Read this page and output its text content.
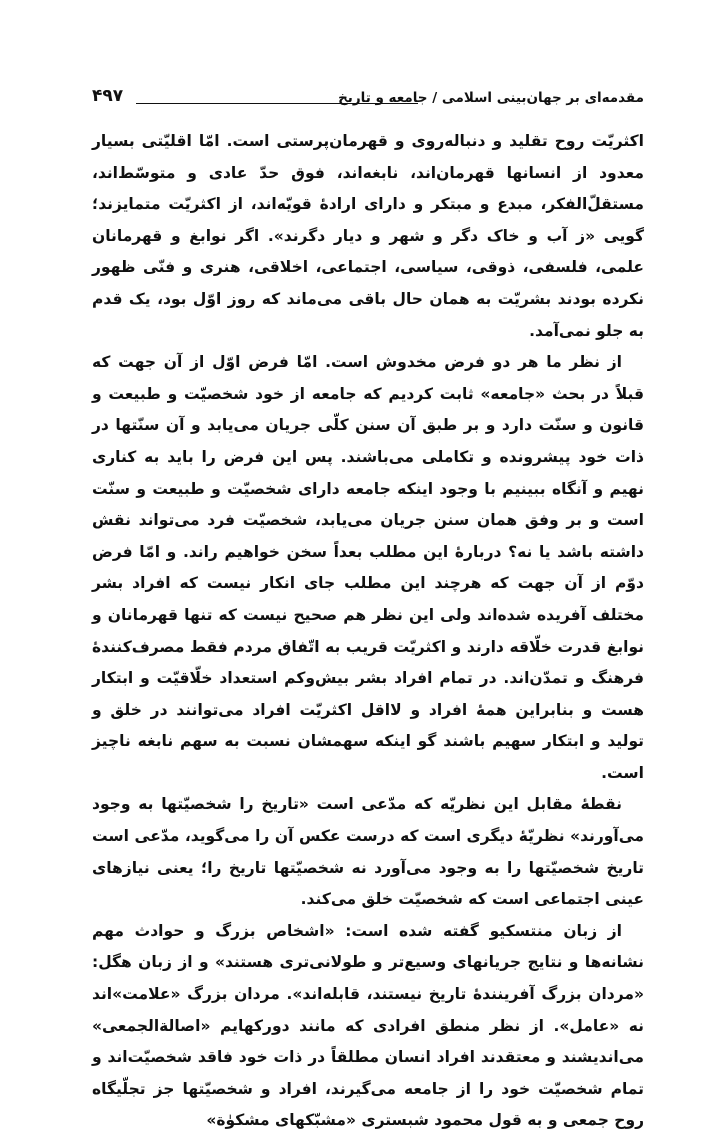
مقدمه‌ای بر جهان‌بینی اسلامی / جامعه و تاریخ
۴۹۷

اکثریّت روح تقلید و دنباله‌روی و قهرمان‌پرستی است. امّا اقلیّتی بسیار معدود از انسانها قهرمان‌اند، نابغه‌اند، فوق حدّ عادی و متوسّط‌اند، مستقلّ‌الفکر، مبدع و مبتکر و دارای ارادهٔ قویّه‌اند، از اکثریّت متمایزند؛ گویی «ز آب و خاک دگر و شهر و دیار دگرند». اگر نوابغ و قهرمانان علمی، فلسفی، ذوقی، سیاسی، اجتماعی، اخلاقی، هنری و فنّی ظهور نکرده بودند بشریّت به همان حال باقی می‌ماند که روز اوّل بود، یک قدم به جلو نمی‌آمد.

از نظر ما هر دو فرض مخدوش است. امّا فرض اوّل از آن جهت که قبلاً در بحث «جامعه» ثابت کردیم که جامعه از خود شخصیّت و طبیعت و قانون و سنّت دارد و بر طبق آن سنن کلّی جریان می‌یابد و آن سنّتها در ذات خود پیشرونده و تکاملی می‌باشند. پس این فرض را باید به کناری نهیم و آنگاه ببینیم با وجود اینکه جامعه دارای شخصیّت و طبیعت و سنّت است و بر وفق همان سنن جریان می‌یابد، شخصیّت فرد می‌تواند نقش داشته باشد یا نه؟ دربارهٔ این مطلب بعداً سخن خواهیم راند. و امّا فرض دوّم از آن جهت که هرچند این مطلب جای انکار نیست که افراد بشر مختلف آفریده شده‌اند ولی این نظر هم صحیح نیست که تنها قهرمانان و نوابغ قدرت خلّاقه دارند و اکثریّت قریب به اتّفاق مردم فقط مصرف‌کنندهٔ فرهنگ و تمدّن‌اند. در تمام افراد بشر بیش‌وکم استعداد خلّاقیّت و ابتکار هست و بنابراین همهٔ افراد و لااقل اکثریّت افراد می‌توانند در خلق و تولید و ابتکار سهیم باشند گو اینکه سهمشان نسبت به سهم نابغه ناچیز است.

نقطهٔ مقابل این نظریّه که مدّعی است «تاریخ را شخصیّتها به وجود می‌آورند» نظریّهٔ دیگری است که درست عکس آن را می‌گوید، مدّعی است تاریخ شخصیّتها را به وجود می‌آورد نه شخصیّتها تاریخ را؛ یعنی نیازهای عینی اجتماعی است که شخصیّت خلق می‌کند.

از زبان منتسکیو گفته شده است: «اشخاص بزرگ و حوادث مهم نشانه‌ها و نتایج جریانهای وسیع‌تر و طولانی‌تری هستند» و از زبان هگل: «مردان بزرگ آفرینندهٔ تاریخ نیستند، قابله‌اند». مردان بزرگ «علامت»‌اند نه «عامل». از نظر منطق افرادی که مانند دورکهایم «اصالة‌الجمعی» می‌اندیشند و معتقدند افراد انسان مطلقاً در ذات خود فاقد شخصیّت‌اند و تمام شخصیّت خود را از جامعه می‌گیرند، افراد و شخصیّتها جز تجلّیگاه روح جمعی و به قول محمود شبستری «مشبّکهای مشکوٰة»
